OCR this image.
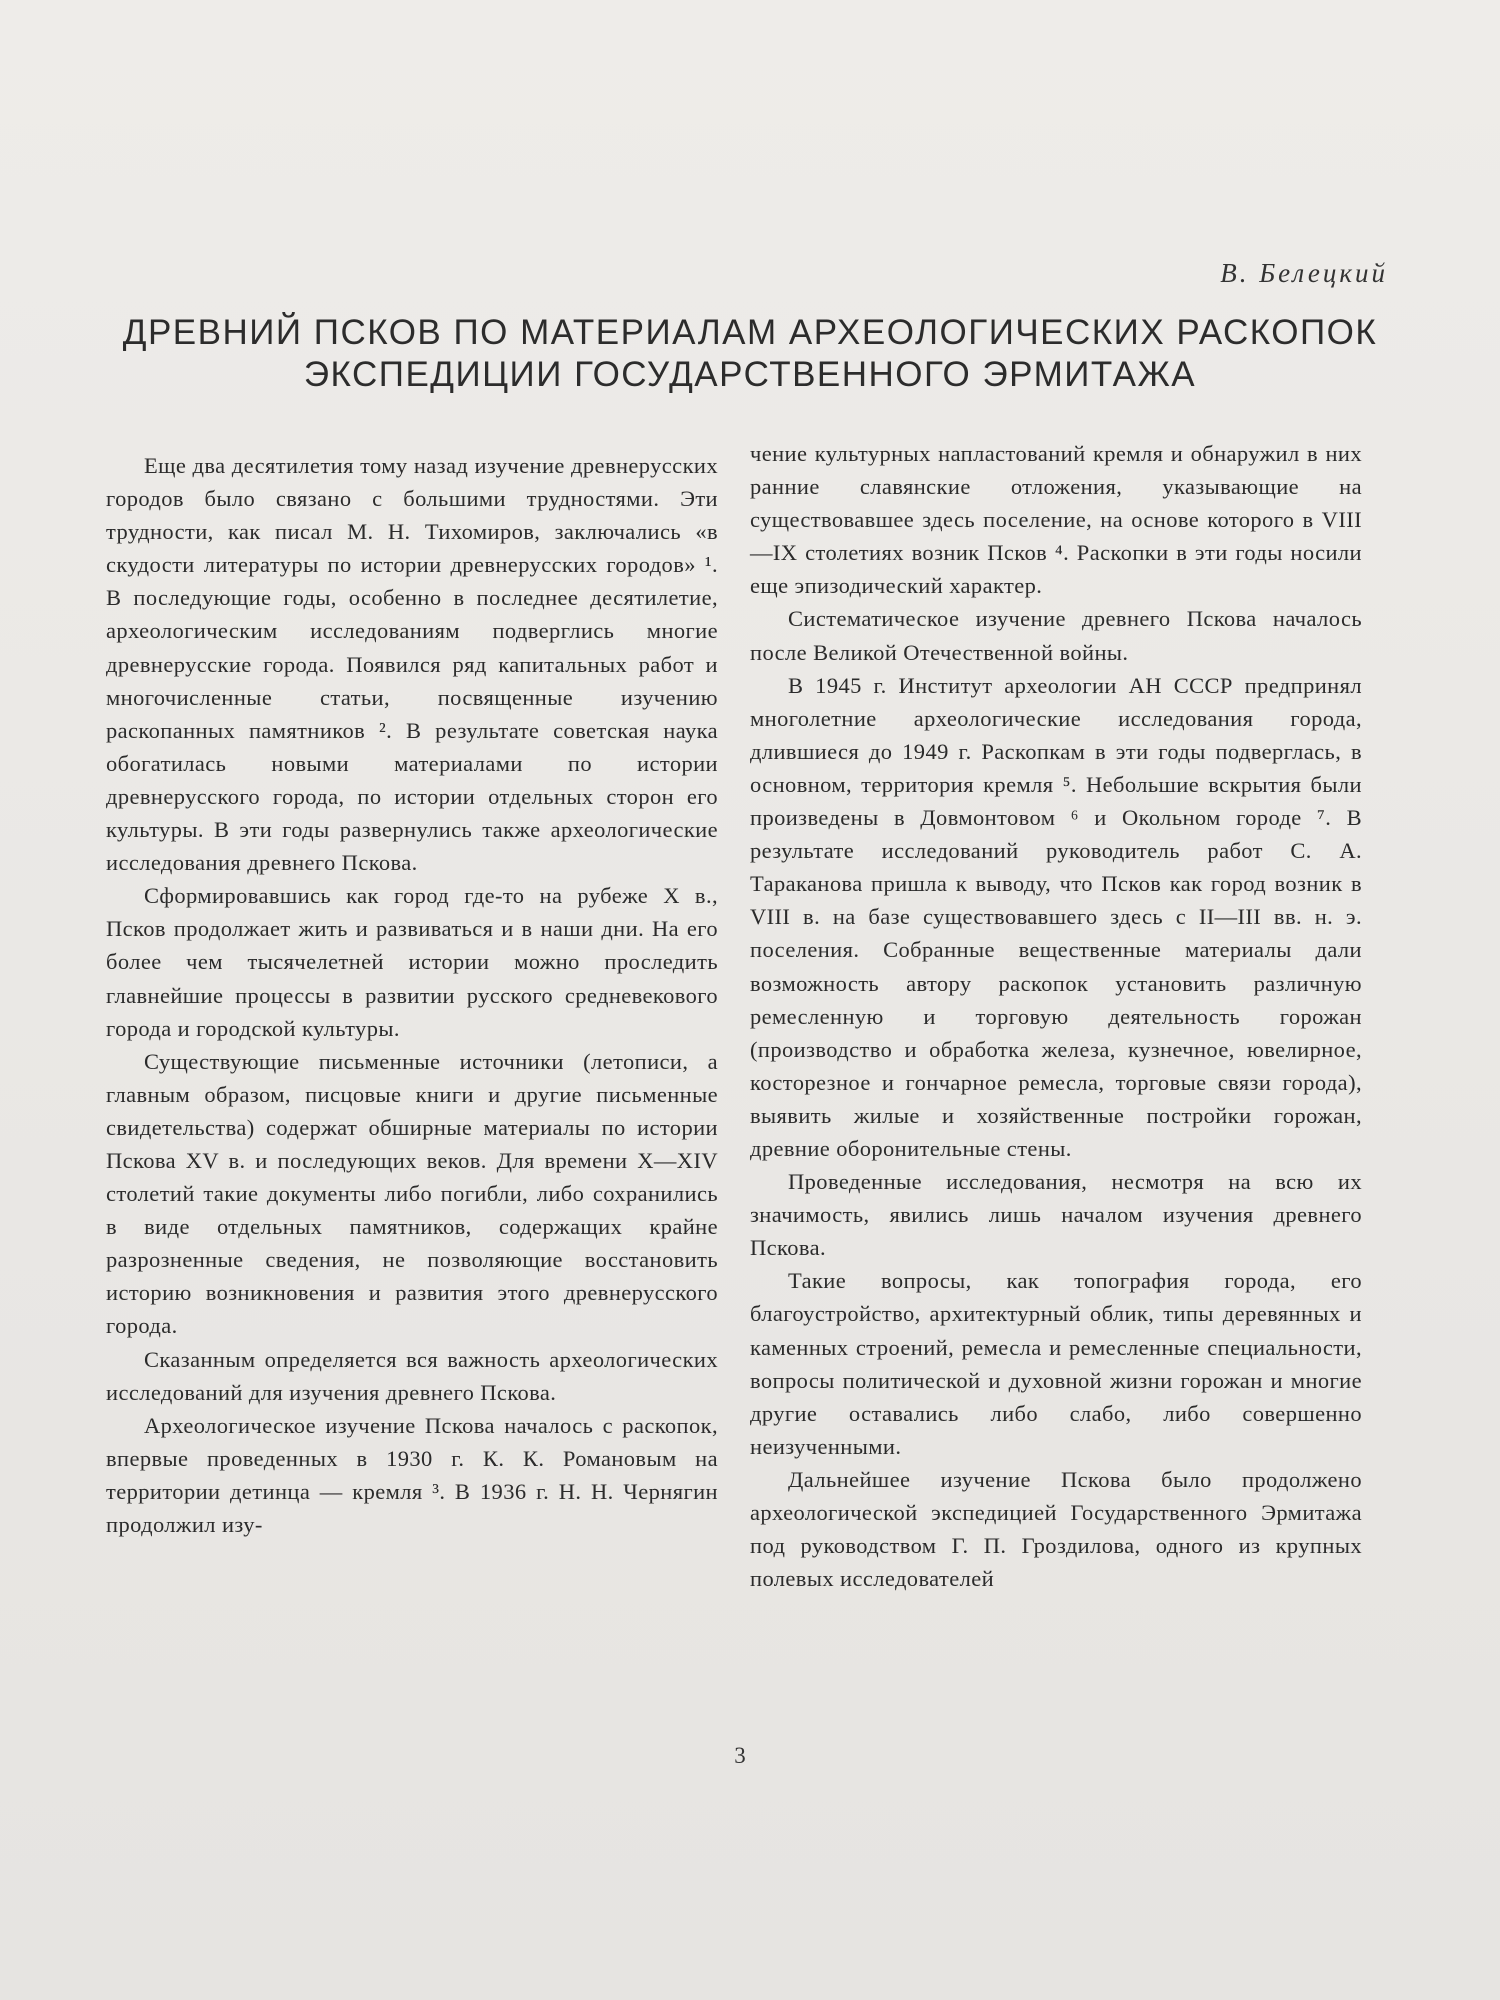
В. Белецкий
ДРЕВНИЙ ПСКОВ ПО МАТЕРИАЛАМ АРХЕОЛОГИЧЕСКИХ РАСКОПОК
ЭКСПЕДИЦИИ ГОСУДАРСТВЕННОГО ЭРМИТАЖА

Еще два десятилетия тому назад изучение древнерусских городов было связано с большими трудностями. Эти трудности, как писал М. Н. Тихомиров, заключались «в скудости литературы по истории древнерусских городов» ¹. В последующие годы, особенно в последнее десятилетие, археологическим исследованиям подверглись многие древнерусские города. Появился ряд капитальных работ и многочисленные статьи, посвященные изучению раскопанных памятников ². В результате советская наука обогатилась новыми материалами по истории древнерусского города, по истории отдельных сторон его культуры. В эти годы развернулись также археологические исследования древнего Пскова.

Сформировавшись как город где-то на рубеже X в., Псков продолжает жить и развиваться и в наши дни. На его более чем тысячелетней истории можно проследить главнейшие процессы в развитии русского средневекового города и городской культуры.

Существующие письменные источники (летописи, а главным образом, писцовые книги и другие письменные свидетельства) содержат обширные материалы по истории Пскова XV в. и последующих веков. Для времени X—XIV столетий такие документы либо погибли, либо сохранились в виде отдельных памятников, содержащих крайне разрозненные сведения, не позволяющие восстановить историю возникновения и развития этого древнерусского города.

Сказанным определяется вся важность археологических исследований для изучения древнего Пскова.

Археологическое изучение Пскова началось с раскопок, впервые проведенных в 1930 г. К. К. Романовым на территории детинца — кремля ³. В 1936 г. Н. Н. Чернягин продолжил изу-

чение культурных напластований кремля и обнаружил в них ранние славянские отложения, указывающие на существовавшее здесь поселение, на основе которого в VIII—IX столетиях возник Псков ⁴. Раскопки в эти годы носили еще эпизодический характер.

Систематическое изучение древнего Пскова началось после Великой Отечественной войны.

В 1945 г. Институт археологии АН СССР предпринял многолетние археологические исследования города, длившиеся до 1949 г. Раскопкам в эти годы подверглась, в основном, территория кремля ⁵. Небольшие вскрытия были произведены в Довмонтовом ⁶ и Окольном городе ⁷. В результате исследований руководитель работ С. А. Тараканова пришла к выводу, что Псков как город возник в VIII в. на базе существовавшего здесь с II—III вв. н. э. поселения. Собранные вещественные материалы дали возможность автору раскопок установить различную ремесленную и торговую деятельность горожан (производство и обработка железа, кузнечное, ювелирное, косторезное и гончарное ремесла, торговые связи города), выявить жилые и хозяйственные постройки горожан, древние оборонительные стены.

Проведенные исследования, несмотря на всю их значимость, явились лишь началом изучения древнего Пскова.

Такие вопросы, как топография города, его благоустройство, архитектурный облик, типы деревянных и каменных строений, ремесла и ремесленные специальности, вопросы политической и духовной жизни горожан и многие другие оставались либо слабо, либо совершенно неизученными.

Дальнейшее изучение Пскова было продолжено археологической экспедицией Государственного Эрмитажа под руководством Г. П. Гроздилова, одного из крупных полевых исследователей

3
